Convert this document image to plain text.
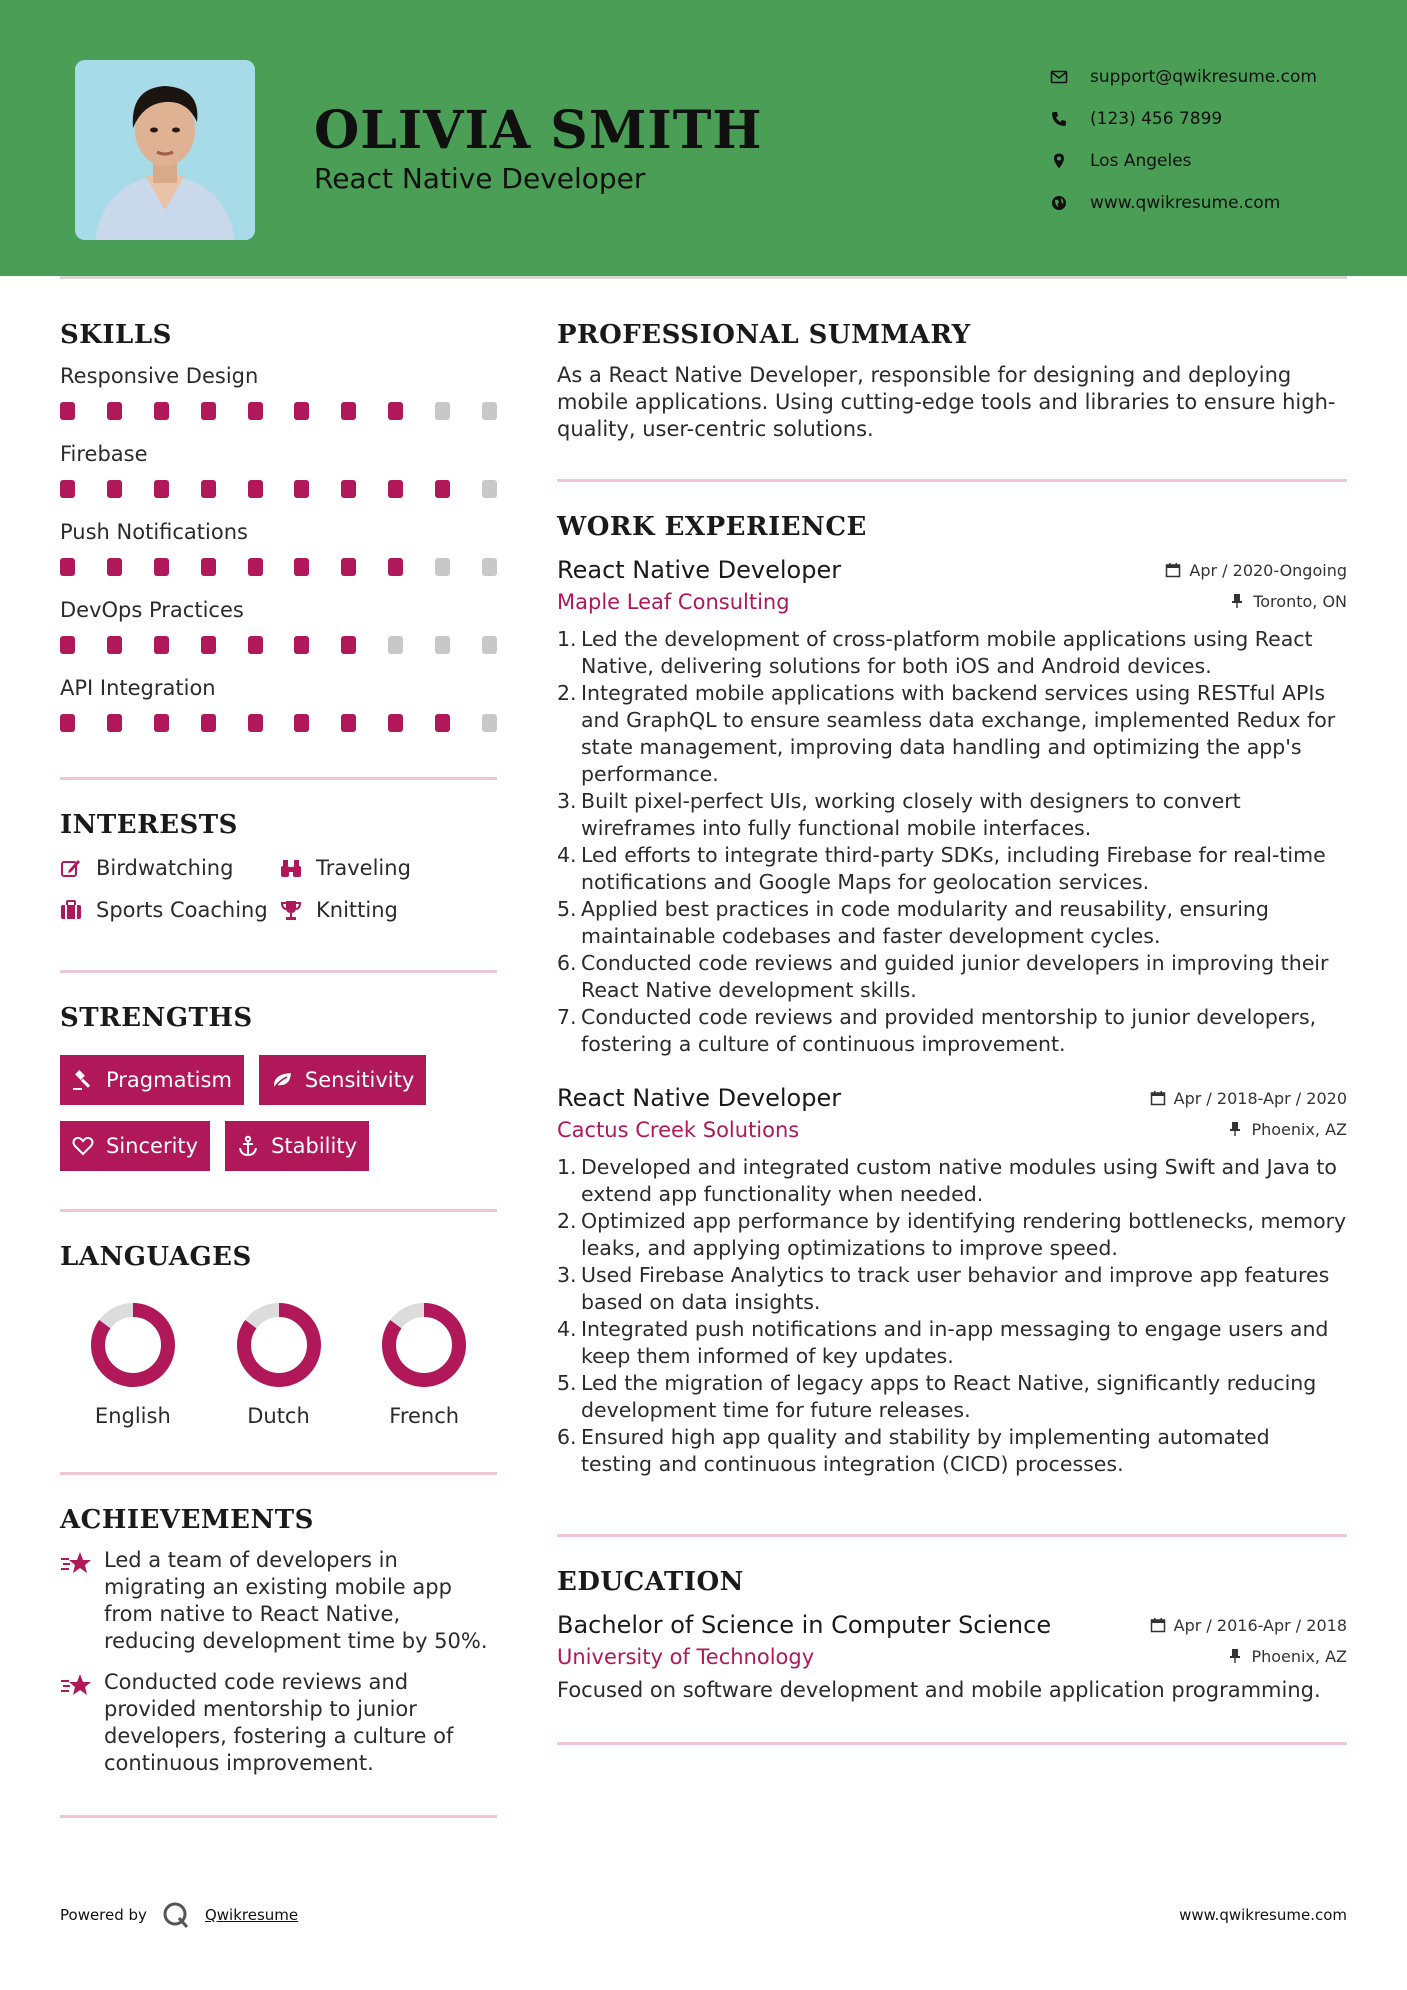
OLIVIA SMITH
React Native Developer
support@qwikresume.com
(123) 456 7899
Los Angeles
www.qwikresume.com
SKILLS
Responsive Design
Firebase
Push Notifications
DevOps Practices
API Integration
INTERESTS
Birdwatching	Traveling
Sports Coaching Knitting
STRENGTHS
Pragmatism	Sensitivity
Sincerity	Stability
LANGUAGES
English	Dutch	French
ACHIEVEMENTS
Led a team of developers in migrating an existing mobile app from native to React Native, reducing development time by 50%.
Conducted code reviews and provided mentorship to junior developers, fostering a culture of continuous improvement.
PROFESSIONAL SUMMARY
As a React Native Developer, responsible for designing and deploying mobile applications. Using cutting-edge tools and libraries to ensure high-quality, user-centric solutions.
WORK EXPERIENCE
React Native Developer	Apr / 2020-Ongoing
Maple Leaf Consulting	Toronto, ON
1. Led the development of cross-platform mobile applications using React Native, delivering solutions for both iOS and Android devices.
2. Integrated mobile applications with backend services using RESTful APIs and GraphQL to ensure seamless data exchange, implemented Redux for state management, improving data handling and optimizing the app's performance.
3. Built pixel-perfect UIs, working closely with designers to convert wireframes into fully functional mobile interfaces.
4. Led efforts to integrate third-party SDKs, including Firebase for real-time notifications and Google Maps for geolocation services.
5. Applied best practices in code modularity and reusability, ensuring maintainable codebases and faster development cycles.
6. Conducted code reviews and guided junior developers in improving their React Native development skills.
7. Conducted code reviews and provided mentorship to junior developers, fostering a culture of continuous improvement.
React Native Developer	Apr / 2018-Apr / 2020
Cactus Creek Solutions	Phoenix, AZ
1. Developed and integrated custom native modules using Swift and Java to extend app functionality when needed.
2. Optimized app performance by identifying rendering bottlenecks, memory leaks, and applying optimizations to improve speed.
3. Used Firebase Analytics to track user behavior and improve app features based on data insights.
4. Integrated push notifications and in-app messaging to engage users and keep them informed of key updates.
5. Led the migration of legacy apps to React Native, significantly reducing development time for future releases.
6. Ensured high app quality and stability by implementing automated testing and continuous integration (CICD) processes.
EDUCATION
Bachelor of Science in Computer Science	Apr / 2016-Apr / 2018
University of Technology	Phoenix, AZ
Focused on software development and mobile application programming.
Powered by	Qwikresume	www.qwikresume.com
